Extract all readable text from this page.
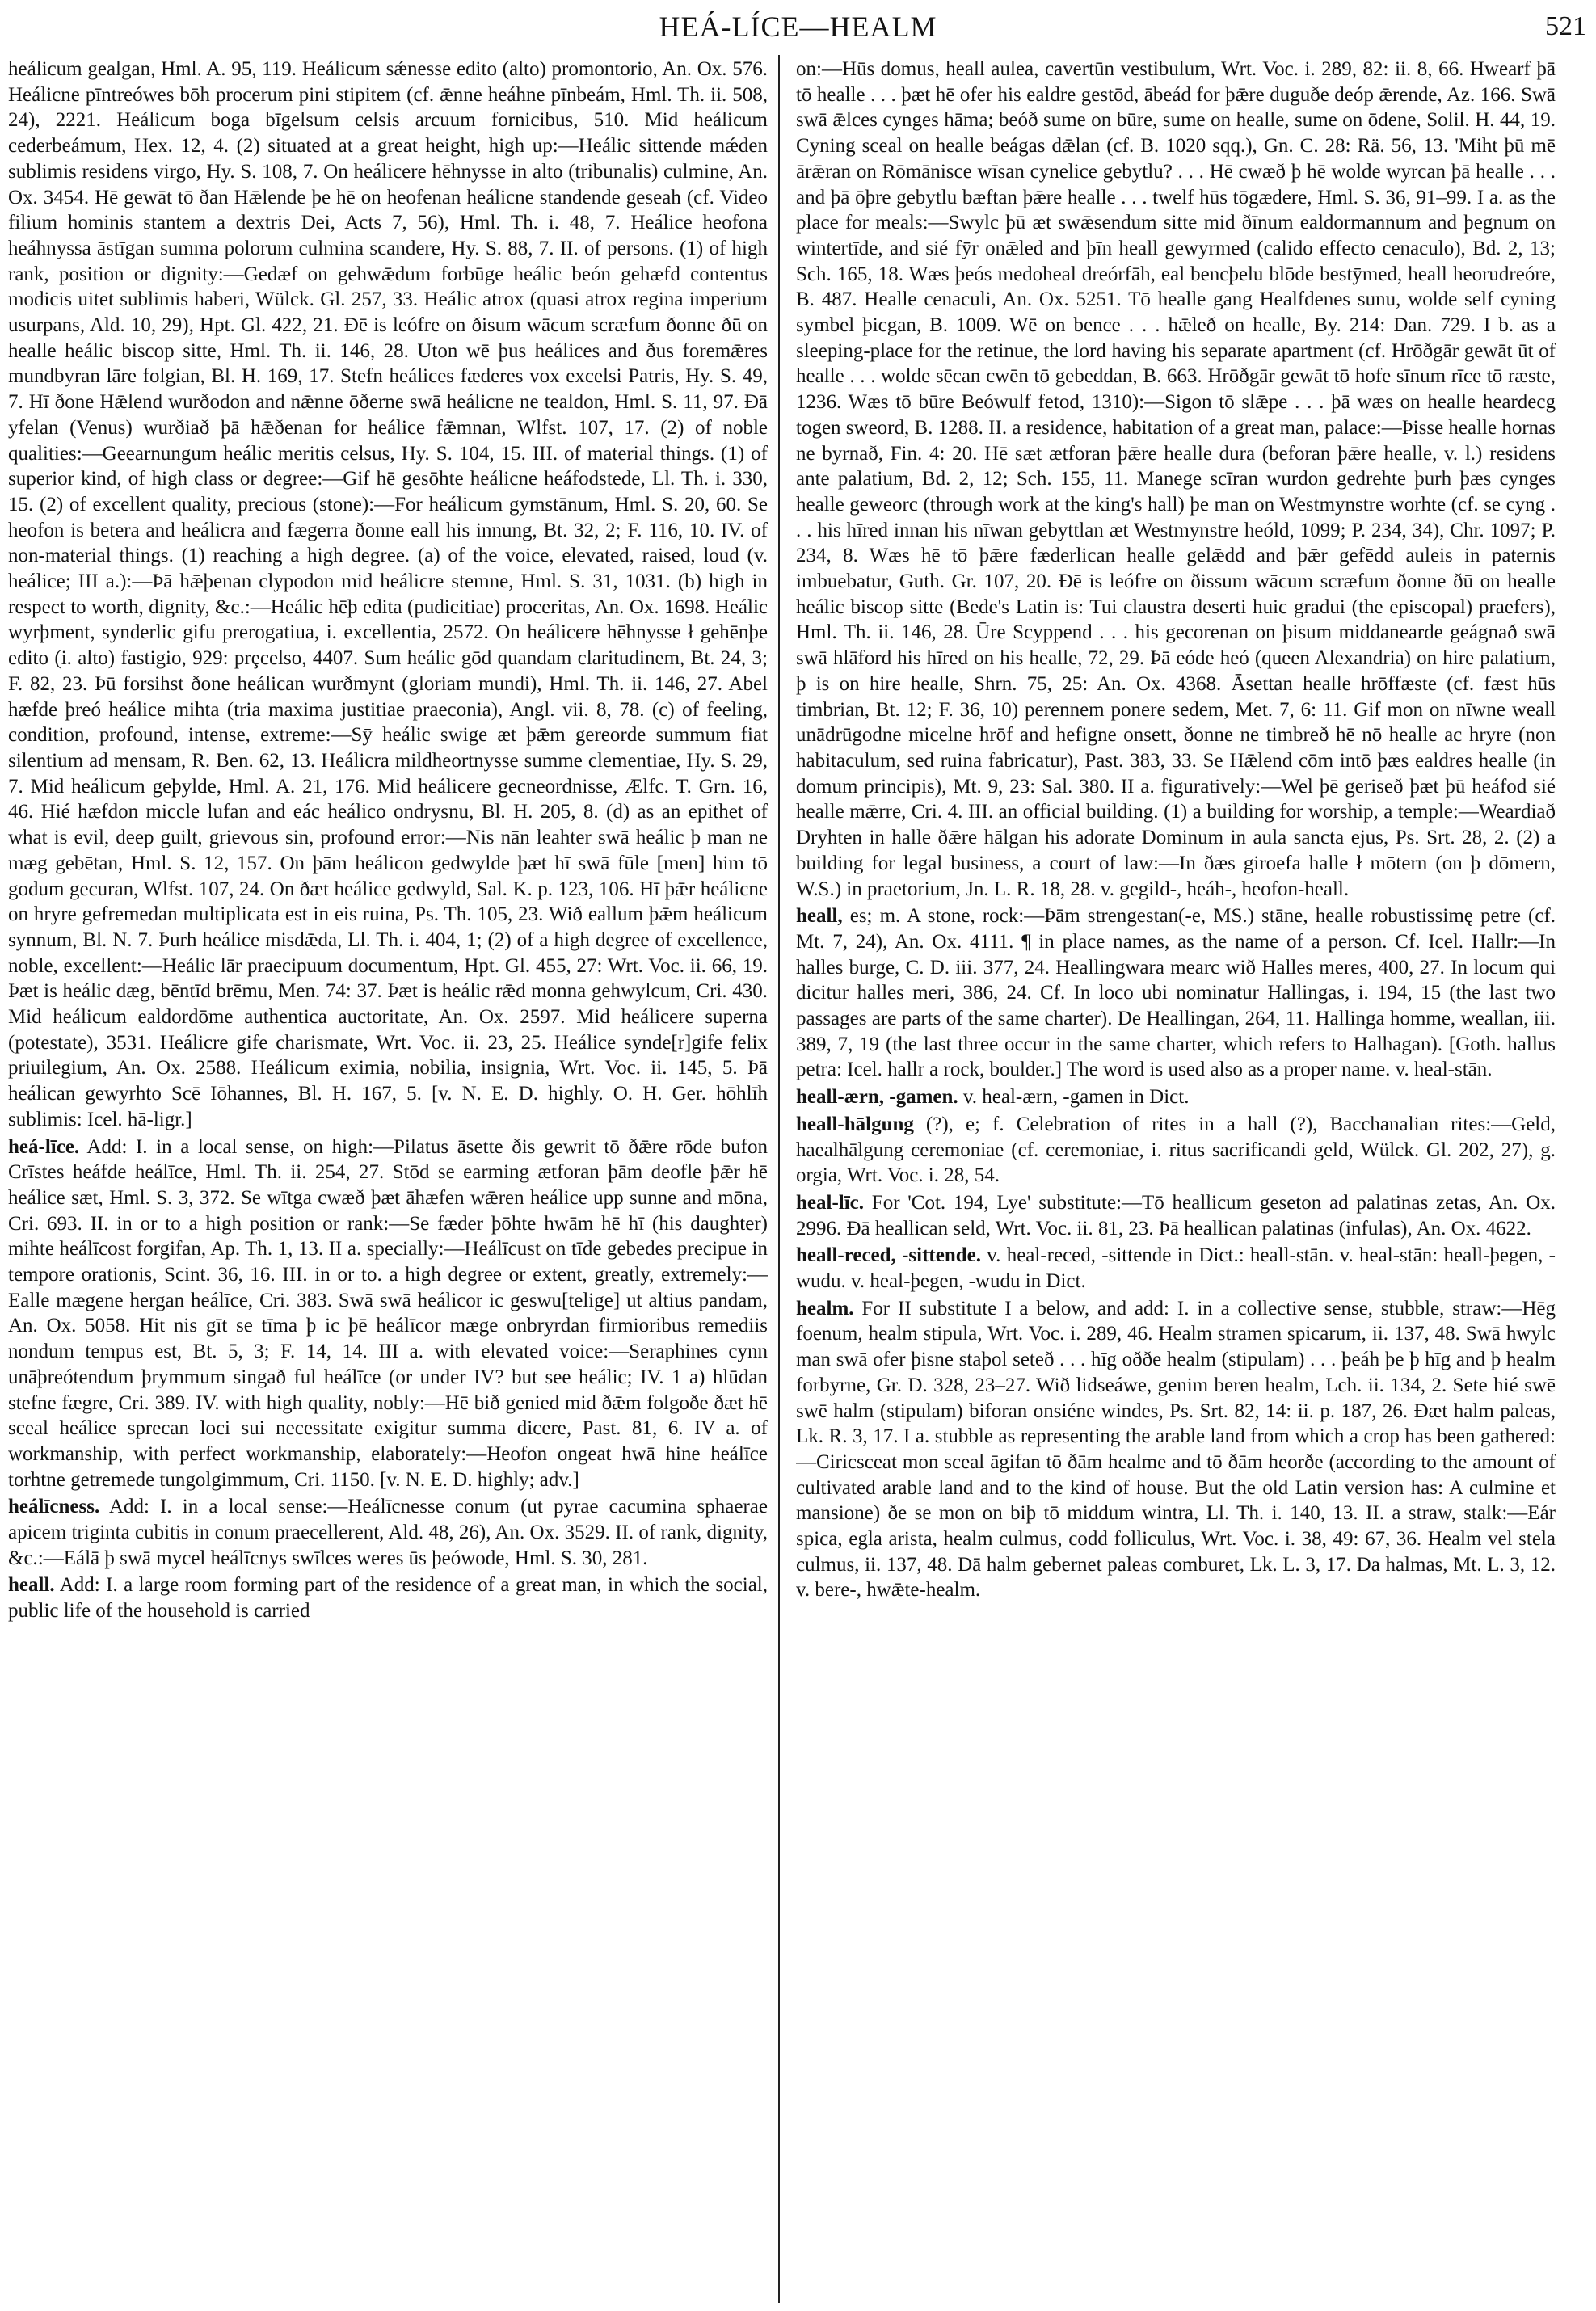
HEÁ-LÍCE—HEALM	521

heálicum gealgan, Hml. A. 95, 119. Heálicum sǽnesse edito (alto) promontorio, An. Ox. 576. Heálicne pīntreówes bōh procerum pini stipitem (cf. ǣnne heáhne pīnbeám, Hml. Th. ii. 508, 24), 2221. Heálicum boga bīgelsum celsis arcuum fornicibus, 510. Mid heálicum cederbeámum, Hex. 12, 4. (2) situated at a great height, high up:—Heálic sittende mǽden sublimis residens virgo, Hy. S. 108, 7. On heálicere hēhnysse in alto (tribunalis) culmine, An. Ox. 3454. Hē gewāt tō ðan Hǣlende þe hē on heofenan heálicne standende geseah (cf. Video filium hominis stantem a dextris Dei, Acts 7, 56), Hml. Th. i. 48, 7. Heálice heofona heáhnyssa āstīgan summa polorum culmina scandere, Hy. S. 88, 7. II. of persons. (1) of high rank, position or dignity:—Gedæf on gehwǣdum forbūge heálic beón gehæfd contentus modicis uitet sublimis haberi, Wülck. Gl. 257, 33. Heálic atrox (quasi atrox regina imperium usurpans, Ald. 10, 29), Hpt. Gl. 422, 21. Ðē is leófre on ðisum wācum scræfum ðonne ðū on healle heálic biscop sitte, Hml. Th. ii. 146, 28. Uton wē þus heálices and ðus foremǣres mundbyran lāre folgian, Bl. H. 169, 17. Stefn heálices fæderes vox excelsi Patris, Hy. S. 49, 7. Hī ðone Hǣlend wurðodon and nǣnne ōðerne swā heálicne ne tealdon, Hml. S. 11, 97. Ðā yfelan (Venus) wurðiað þā hǣðenan for heálice fǣmnan, Wlfst. 107, 17. (2) of noble qualities:—Geearnungum heálic meritis celsus, Hy. S. 104, 15. III. of material things. (1) of superior kind, of high class or degree:—Gif hē gesōhte heálicne heáfodstede, Ll. Th. i. 330, 15. (2) of excellent quality, precious (stone):—For heálicum gymstānum, Hml. S. 20, 60. Se heofon is betera and heálicra and fægerra ðonne eall his innung, Bt. 32, 2; F. 116, 10. IV. of non-material things. (1) reaching a high degree. (a) of the voice, elevated, raised, loud (v. heálice; III a.):—Þā hǣþenan clypodon mid heálicre stemne, Hml. S. 31, 1031. (b) high in respect to worth, dignity, &c.:—Heálic hēþ edita (pudicitiae) proceritas, An. Ox. 1698. Heálic wyrþment, synderlic gifu prerogatiua, i. excellentia, 2572. On heálicere hēhnysse ł gehēnþe edito (i. alto) fastigio, 929: prȩcelso, 4407. Sum heálic gōd quandam claritudinem, Bt. 24, 3; F. 82, 23. Þū forsihst ðone heálican wurðmynt (gloriam mundi), Hml. Th. ii. 146, 27. Abel hæfde þreó heálice mihta (tria maxima justitiae praeconia), Angl. vii. 8, 78. (c) of feeling, condition, profound, intense, extreme:—Sȳ heálic swige æt þǣm gereorde summum fiat silentium ad mensam, R. Ben. 62, 13. Heálicra mildheortnysse summe clementiae, Hy. S. 29, 7. Mid heálicum geþylde, Hml. A. 21, 176. Mid heálicere gecneordnisse, Ælfc. T. Grn. 16, 46. Hié hæfdon miccle lufan and eác heálico ondrysnu, Bl. H. 205, 8. (d) as an epithet of what is evil, deep guilt, grievous sin, profound error:—Nis nān leahter swā heálic þ man ne mæg gebētan, Hml. S. 12, 157. On þām heálicon gedwylde þæt hī swā fūle [men] him tō godum gecuran, Wlfst. 107, 24. On ðæt heálice gedwyld, Sal. K. p. 123, 106. Hī þǣr heálicne on hryre gefremedan multiplicata est in eis ruina, Ps. Th. 105, 23. Wið eallum þǣm heálicum synnum, Bl. N. 7. Þurh heálice misdǣda, Ll. Th. i. 404, 1; (2) of a high degree of excellence, noble, excellent:—Heálic lār praecipuum documentum, Hpt. Gl. 455, 27: Wrt. Voc. ii. 66, 19. Þæt is heálic dæg, bēntīd brēmu, Men. 74: 37. Þæt is heálic rǣd monna gehwylcum, Cri. 430. Mid heálicum ealdordōme authentica auctoritate, An. Ox. 2597. Mid heálicere superna (potestate), 3531. Heálicre gife charismate, Wrt. Voc. ii. 23, 25. Heálice synde[r]gife felix priuilegium, An. Ox. 2588. Heálicum eximia, nobilia, insignia, Wrt. Voc. ii. 145, 5. Þā heálican gewyrhto Scē Iōhannes, Bl. H. 167, 5. [v. N. E. D. highly. O. H. Ger. hōhlīh sublimis: Icel. hā-ligr.]

heá-līce. Add: I. in a local sense, on high:—Pilatus āsette ðis gewrit tō ðǣre rōde bufon Crīstes heáfde heálīce, Hml. Th. ii. 254, 27. Stōd se earming ætforan þām deofle þǣr hē heálice sæt, Hml. S. 3, 372. Se wītga cwæð þæt āhæfen wǣren heálice upp sunne and mōna, Cri. 693. II. in or to a high position or rank:—Se fæder þōhte hwām hē hī (his daughter) mihte heálīcost forgifan, Ap. Th. 1, 13. II a. specially:—Heálīcust on tīde gebedes precipue in tempore orationis, Scint. 36, 16. III. in or to. a high degree or extent, greatly, extremely:—Ealle mægene hergan heálīce, Cri. 383. Swā swā heálicor ic geswu[telige] ut altius pandam, An. Ox. 5058. Hit nis gīt se tīma þ ic þē heálīcor mæge onbryrdan firmioribus remediis nondum tempus est, Bt. 5, 3; F. 14, 14. III a. with elevated voice:—Seraphines cynn unāþreótendum þrymmum singað ful heálīce (or under IV? but see heálic; IV. 1 a) hlūdan stefne fægre, Cri. 389. IV. with high quality, nobly:—Hē bið genied mid ðǣm folgoðe ðæt hē sceal heálice sprecan loci sui necessitate exigitur summa dicere, Past. 81, 6. IV a. of workmanship, with perfect workmanship, elaborately:—Heofon ongeat hwā hine heálīce torhtne getremede tungolgimmum, Cri. 1150. [v. N. E. D. highly; adv.]

heálīcness. Add: I. in a local sense:—Heálīcnesse conum (ut pyrae cacumina sphaerae apicem triginta cubitis in conum praecellerent, Ald. 48, 26), An. Ox. 3529. II. of rank, dignity, &c.:—Eálā þ swā mycel heálīcnys swīlces weres ūs þeówode, Hml. S. 30, 281.

heall. Add: I. a large room forming part of the residence of a great man, in which the social, public life of the household is carried

on:—Hūs domus, heall aulea, cavertūn vestibulum, Wrt. Voc. i. 289, 82: ii. 8, 66. Hwearf þā tō healle . . . þæt hē ofer his ealdre gestōd, ābeád for þǣre duguðe deóp ǣrende, Az. 166. Swā swā ǣlces cynges hāma; beóð sume on būre, sume on healle, sume on ōdene, Solil. H. 44, 19. Cyning sceal on healle beágas dǣlan (cf. B. 1020 sqq.), Gn. C. 28: Rä. 56, 13. 'Miht þū mē ārǣran on Rōmānisce wīsan cynelice gebytlu? . . . Hē cwæð þ hē wolde wyrcan þā healle . . . and þā ōþre gebytlu bæftan þǣre healle . . . twelf hūs tōgædere, Hml. S. 36, 91–99. I a. as the place for meals:—Swylc þū æt swǣsendum sitte mid ðīnum ealdormannum and þegnum on wintertīde, and sié fȳr onǣled and þīn heall gewyrmed (calido effecto cenaculo), Bd. 2, 13; Sch. 165, 18. Wæs þeós medoheal dreórfāh, eal bencþelu blōde bestȳmed, heall heorudreóre, B. 487. Healle cenaculi, An. Ox. 5251. Tō healle gang Healfdenes sunu, wolde self cyning symbel þicgan, B. 1009. Wē on bence . . . hǣleð on healle, By. 214: Dan. 729. I b. as a sleeping-place for the retinue, the lord having his separate apartment (cf. Hrōðgār gewāt ūt of healle . . . wolde sēcan cwēn tō gebeddan, B. 663. Hrōðgār gewāt tō hofe sīnum rīce tō ræste, 1236. Wæs tō būre Beówulf fetod, 1310):—Sigon tō slǣpe . . . þā wæs on healle heardecg togen sweord, B. 1288. II. a residence, habitation of a great man, palace:—Þisse healle hornas ne byrnað, Fin. 4: 20. Hē sæt ætforan þǣre healle dura (beforan þǣre healle, v. l.) residens ante palatium, Bd. 2, 12; Sch. 155, 11. Manege scīran wurdon gedrehte þurh þæs cynges healle geweorc (through work at the king's hall) þe man on Westmynstre worhte (cf. se cyng . . . his hīred innan his nīwan gebyttlan æt Westmynstre heóld, 1099; P. 234, 34), Chr. 1097; P. 234, 8. Wæs hē tō þǣre fæderlican healle gelǣdd and þǣr gefēdd auleis in paternis imbuebatur, Guth. Gr. 107, 20. Ðē is leófre on ðissum wācum scræfum ðonne ðū on healle heálic biscop sitte (Bede's Latin is: Tui claustra deserti huic gradui (the episcopal) praefers), Hml. Th. ii. 146, 28. Ūre Scyppend . . . his gecorenan on þisum middanearde geágnað swā swā hlāford his hīred on his healle, 72, 29. Þā eóde heó (queen Alexandria) on hire palatium, þ is on hire healle, Shrn. 75, 25: An. Ox. 4368. Āsettan healle hrōffæste (cf. fæst hūs timbrian, Bt. 12; F. 36, 10) perennem ponere sedem, Met. 7, 6: 11. Gif mon on nīwne weall unādrūgodne micelne hrōf and hefigne onsett, ðonne ne timbreð hē nō healle ac hryre (non habitaculum, sed ruina fabricatur), Past. 383, 33. Se Hǣlend cōm intō þæs ealdres healle (in domum principis), Mt. 9, 23: Sal. 380. II a. figuratively:—Wel þē geriseð þæt þū heáfod sié healle mǣrre, Cri. 4. III. an official building. (1) a building for worship, a temple:—Weardiað Dryhten in halle ðǣre hālgan his adorate Dominum in aula sancta ejus, Ps. Srt. 28, 2. (2) a building for legal business, a court of law:—In ðæs giroefa halle ł mōtern (on þ dōmern, W.S.) in praetorium, Jn. L. R. 18, 28. v. gegild-, heáh-, heofon-heall.

heall, es; m. A stone, rock:—Þām strengestan(-e, MS.) stāne, healle robustissimę petre (cf. Mt. 7, 24), An. Ox. 4111. ¶ in place names, as the name of a person. Cf. Icel. Hallr:—In halles burge, C. D. iii. 377, 24. Heallingwara mearc wið Halles meres, 400, 27. In locum qui dicitur halles meri, 386, 24. Cf. In loco ubi nominatur Hallingas, i. 194, 15 (the last two passages are parts of the same charter). De Heallingan, 264, 11. Hallinga homme, weallan, iii. 389, 7, 19 (the last three occur in the same charter, which refers to Halhagan). [Goth. hallus petra: Icel. hallr a rock, boulder.] The word is used also as a proper name. v. heal-stān.

heall-ærn, -gamen. v. heal-ærn, -gamen in Dict.

heall-hālgung (?), e; f. Celebration of rites in a hall (?), Bacchanalian rites:—Geld, haealhālgung ceremoniae (cf. ceremoniae, i. ritus sacrificandi geld, Wülck. Gl. 202, 27), g. orgia, Wrt. Voc. i. 28, 54.

heal-līc. For 'Cot. 194, Lye' substitute:—Tō heallicum geseton ad palatinas zetas, An. Ox. 2996. Ðā heallican seld, Wrt. Voc. ii. 81, 23. Þā heallican palatinas (infulas), An. Ox. 4622.

heall-reced, -sittende. v. heal-reced, -sittende in Dict.: heall-stān. v. heal-stān: heall-þegen, -wudu. v. heal-þegen, -wudu in Dict.

healm. For II substitute I a below, and add: I. in a collective sense, stubble, straw:—Hēg foenum, healm stipula, Wrt. Voc. i. 289, 46. Healm stramen spicarum, ii. 137, 48. Swā hwylc man swā ofer þisne staþol seteð . . . hīg oððe healm (stipulam) . . . þeáh þe þ hīg and þ healm forbyrne, Gr. D. 328, 23–27. Wið lidseáwe, genim beren healm, Lch. ii. 134, 2. Sete hié swē swē halm (stipulam) biforan onsiéne windes, Ps. Srt. 82, 14: ii. p. 187, 26. Ðæt halm paleas, Lk. R. 3, 17. I a. stubble as representing the arable land from which a crop has been gathered:—Ciricsceat mon sceal āgifan tō ðām healme and tō ðām heorðe (according to the amount of cultivated arable land and to the kind of house. But the old Latin version has: A culmine et mansione) ðe se mon on biþ tō middum wintra, Ll. Th. i. 140, 13. II. a straw, stalk:—Eár spica, egla arista, healm culmus, codd folliculus, Wrt. Voc. i. 38, 49: 67, 36. Healm vel stela culmus, ii. 137, 48. Ðā halm gebernet paleas comburet, Lk. L. 3, 17. Ða halmas, Mt. L. 3, 12. v. bere-, hwǣte-healm.
